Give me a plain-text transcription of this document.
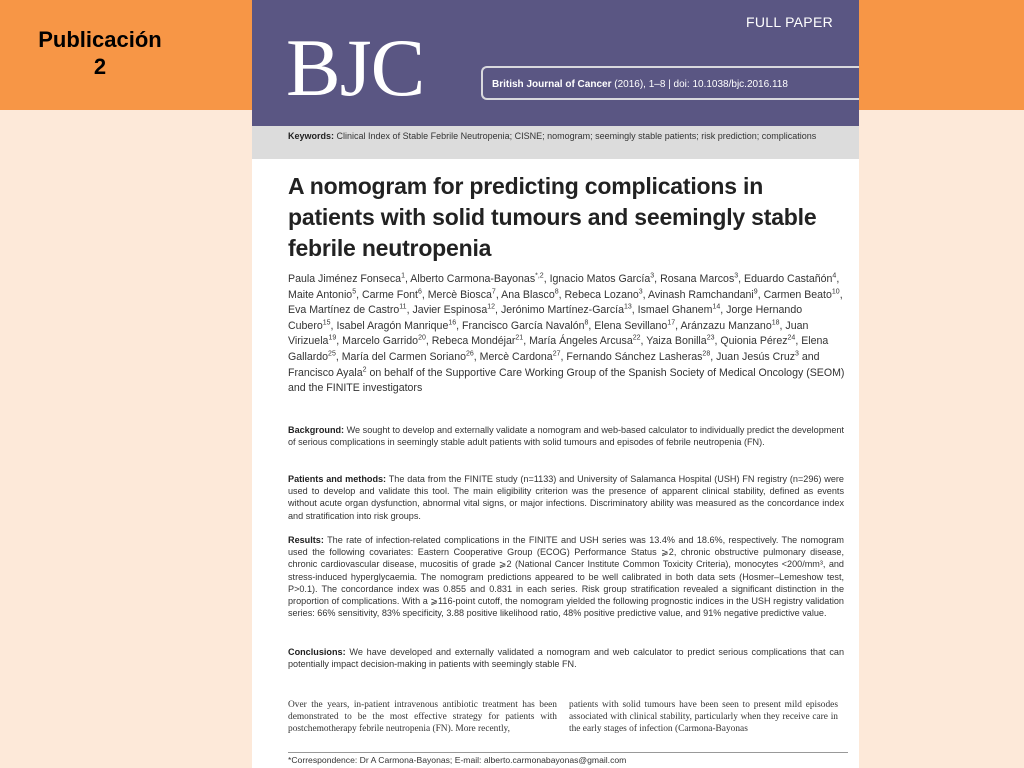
Publicación
2	BJC	FULL PAPER
British Journal of Cancer (2016), 1–8 | doi: 10.1038/bjc.2016.118
Keywords: Clinical Index of Stable Febrile Neutropenia; CISNE; nomogram; seemingly stable patients; risk prediction; complications
A nomogram for predicting complications in patients with solid tumours and seemingly stable febrile neutropenia
Paula Jiménez Fonseca$^1$, Alberto Carmona-Bayonas$^{*,2}$, Ignacio Matos García$^3$, Rosana Marcos$^3$, Eduardo Castañón$^4$, Maite Antonio$^5$, Carme Font$^6$, Mercè Biosca$^7$, Ana Blasco$^8$, Rebeca Lozano$^3$, Avinash Ramchandani$^9$, Carmen Beato$^{10}$, Eva Martínez de Castro$^{11}$, Javier Espinosa$^{12}$, Jerónimo Martínez-García$^{13}$, Ismael Ghanem$^{14}$, Jorge Hernando Cubero$^{15}$, Isabel Aragón Manrique$^{16}$, Francisco García Navalón$^8$, Elena Sevillano$^{17}$, Aránzazu Manzano$^{18}$, Juan Virizuela$^{19}$, Marcelo Garrido$^{20}$, Rebeca Mondéjar$^{21}$, María Ángeles Arcusa$^{22}$, Yaiza Bonilla$^{23}$, Quionia Pérez$^{24}$, Elena Gallardo$^{25}$, María del Carmen Soriano$^{26}$, Mercè Cardona$^{27}$, Fernando Sánchez Lasheras$^{28}$, Juan Jesús Cruz$^3$ and Francisco Ayala$^2$ on behalf of the Supportive Care Working Group of the Spanish Society of Medical Oncology (SEOM) and the FINITE investigators
Background: We sought to develop and externally validate a nomogram and web-based calculator to individually predict the development of serious complications in seemingly stable adult patients with solid tumours and episodes of febrile neutropenia (FN).
Patients and methods: The data from the FINITE study (n=1133) and University of Salamanca Hospital (USH) FN registry (n=296) were used to develop and validate this tool. The main eligibility criterion was the presence of apparent clinical stability, defined as events without acute organ dysfunction, abnormal vital signs, or major infections. Discriminatory ability was measured as the concordance index and stratification into risk groups.
Results: The rate of infection-related complications in the FINITE and USH series was 13.4% and 18.6%, respectively. The nomogram used the following covariates: Eastern Cooperative Group (ECOG) Performance Status ⩾2, chronic obstructive pulmonary disease, chronic cardiovascular disease, mucositis of grade ⩾2 (National Cancer Institute Common Toxicity Criteria), monocytes <200/mm³, and stress-induced hyperglycaemia. The nomogram predictions appeared to be well calibrated in both data sets (Hosmer–Lemeshow test, P>0.1). The concordance index was 0.855 and 0.831 in each series. Risk group stratification revealed a significant distinction in the proportion of complications. With a ⩾116-point cutoff, the nomogram yielded the following prognostic indices in the USH registry validation series: 66% sensitivity, 83% specificity, 3.88 positive likelihood ratio, 48% positive predictive value, and 91% negative predictive value.
Conclusions: We have developed and externally validated a nomogram and web calculator to predict serious complications that can potentially impact decision-making in patients with seemingly stable FN.
Over the years, in-patient intravenous antibiotic treatment has been demonstrated to be the most effective strategy for patients with postchemotherapy febrile neutropenia (FN). More recently,
patients with solid tumours have been seen to present mild episodes associated with clinical stability, particularly when they receive care in the early stages of infection (Carmona-Bayonas
*Correspondence: Dr A Carmona-Bayonas; E-mail: alberto.carmonabayonas@gmail.com
